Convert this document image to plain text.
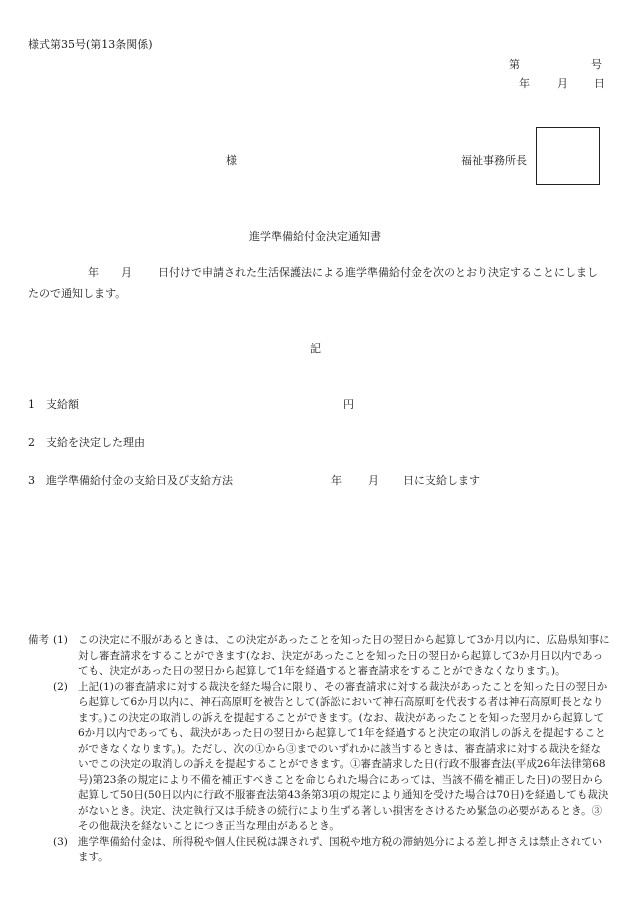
様式第35号(第13条関係)
第	号
年 月 日
様	福祉事務所長
進学準備給付金決定通知書
年 月 日付けで申請された生活保護法による進学準備給付金を次のとおり決定することにしましたので通知します。
記
1　支給額	円
2　支給を決定した理由
3　進学準備給付金の支給日及び支給方法	年 月 日に支給します
備考 (1) この決定に不服があるときは、この決定があったことを知った日の翌日から起算して3か月以内に、広島県知事に対し審査請求をすることができます(なお、決定があったことを知った日の翌日から起算して3か月日以内であっても、決定があった日の翌日から起算して1年を経過すると審査請求をすることができなくなります。)。
(2) 上記(1)の審査請求に対する裁決を経た場合に限り、その審査請求に対する裁決があったことを知った日の翌日から起算して6か月以内に、神石高原町を被告として(訴訟において神石高原町を代表する者は神石高原町長となります。)この決定の取消しの訴えを提起することができます。(なお、裁決があったことを知った翌月から起算して6か月以内であっても、裁決があった日の翌日から起算して1年を経過すると決定の取消しの訴えを提起することができなくなります。)。ただし、次の①から③までのいずれかに該当するときは、審査請求に対する裁決を経ないでこの決定の取消しの訴えを提起することができます。①審査請求した日(行政不服審査法(平成26年法律第68号)第23条の規定により不備を補正すべきことを命じられた場合にあっては、当該不備を補正した日)の翌日から起算して50日(50日以内に行政不服審査法第43条第3項の規定により通知を受けた場合は70日)を経過しても裁決がないとき。決定、決定執行又は手続きの続行により生ずる著しい損害をさけるため緊急の必要があるとき。③その他裁決を経ないことにつき正当な理由があるとき。
(3) 進学準備給付金は、所得税や個人住民税は課されず、国税や地方税の滞納処分による差し押さえは禁止されています。
